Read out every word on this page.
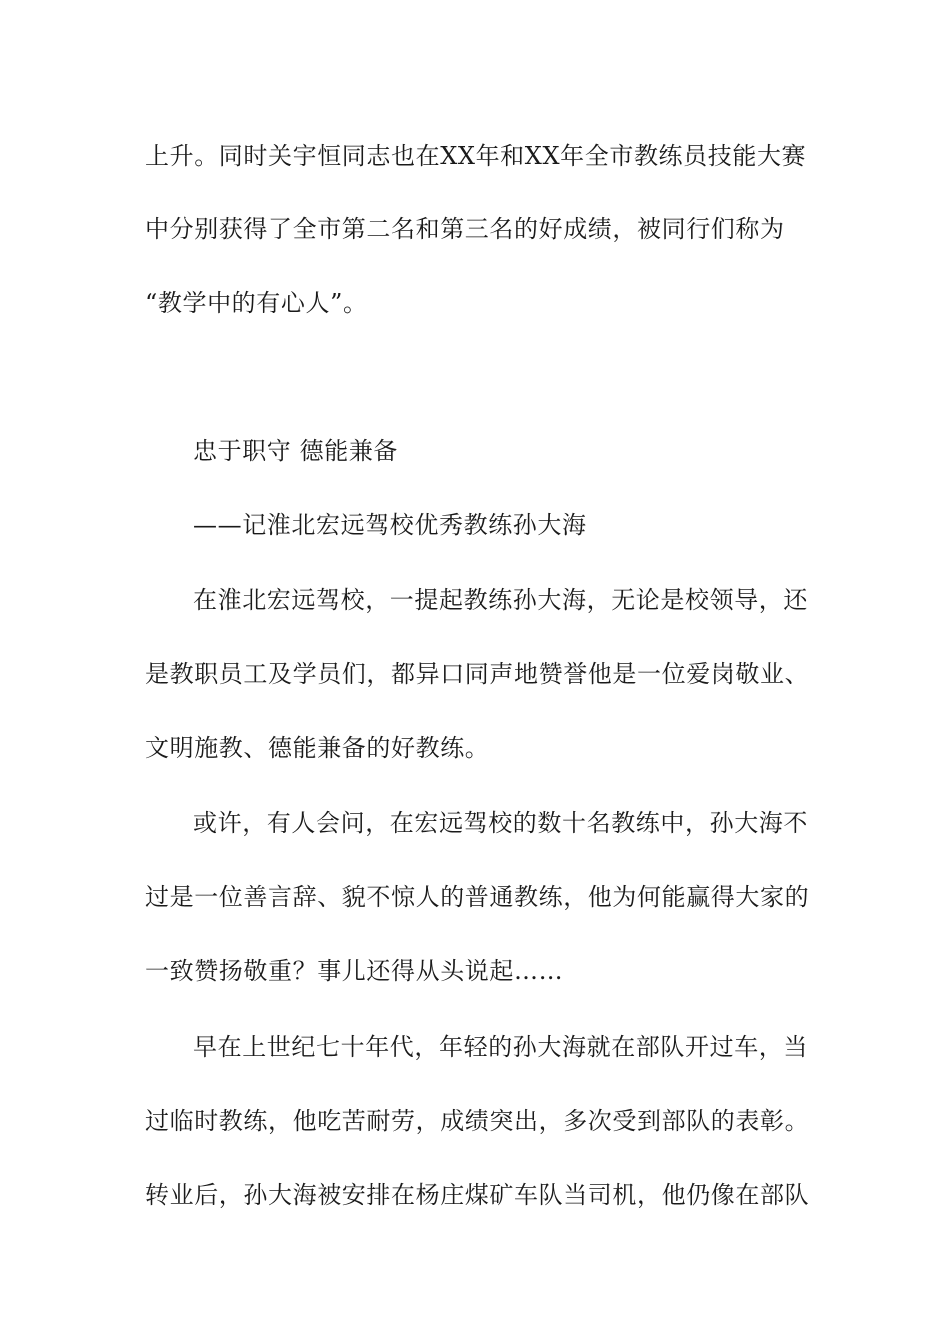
上升。同时关宇恒同志也在XX年和XX年全市教练员技能大赛
中分别获得了全市第二名和第三名的好成绩，被同行们称为
“教学中的有心人”。
忠于职守 德能兼备
——记淮北宏远驾校优秀教练孙大海
在淮北宏远驾校，一提起教练孙大海，无论是校领导，还
是教职员工及学员们，都异口同声地赞誉他是一位爱岗敬业、
文明施教、德能兼备的好教练。
或许，有人会问，在宏远驾校的数十名教练中，孙大海不
过是一位善言辞、貌不惊人的普通教练，他为何能赢得大家的
一致赞扬敬重？事儿还得从头说起……
早在上世纪七十年代，年轻的孙大海就在部队开过车，当
过临时教练，他吃苦耐劳，成绩突出，多次受到部队的表彰。
转业后，孙大海被安排在杨庄煤矿车队当司机，他仍像在部队
